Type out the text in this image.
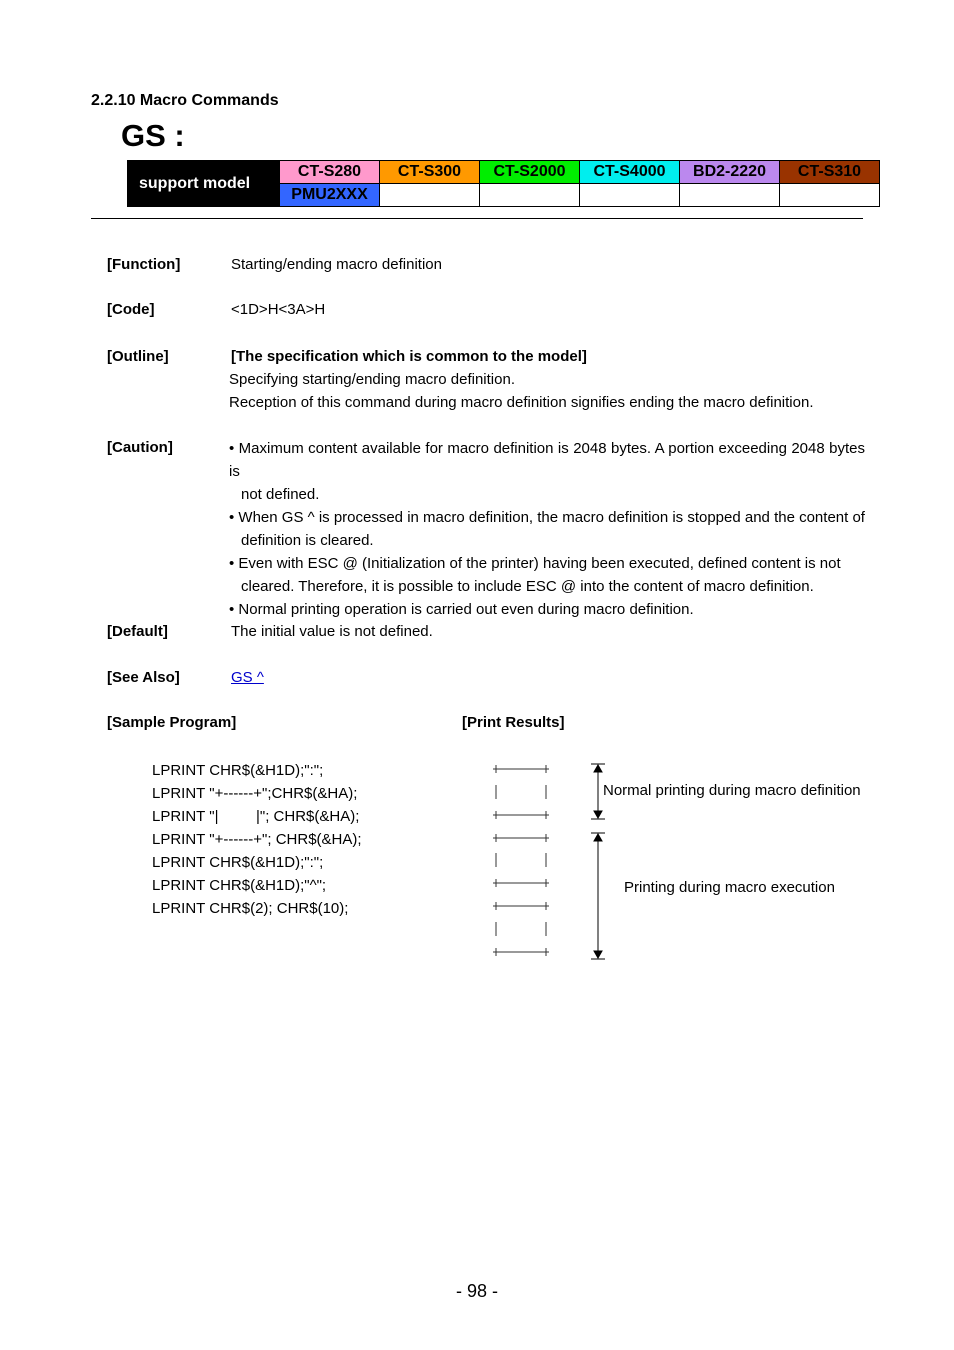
2.2.10 Macro Commands
GS :
support model		CT-S280	CT-S300	CT-S2000	CT-S4000	BD2-2220	CT-S310
		PMU2XXX					
[Function]	Starting/ending macro definition
[Code]	<1D>H<3A>H
[Outline]	[The specification which is common to the model]
Specifying starting/ending macro definition.
Reception of this command during macro definition signifies ending the macro definition.
[Caution]	• Maximum content available for macro definition is 2048 bytes. A portion exceeding 2048 bytes is
not defined.
• When GS ^ is processed in macro definition, the macro definition is stopped and the content of
definition is cleared.
• Even with ESC @ (Initialization of the printer) having been executed, defined content is not
cleared. Therefore, it is possible to include ESC @ into the content of macro definition.
• Normal printing operation is carried out even during macro definition.
[Default]	The initial value is not defined.
[See Also]	GS ^
[Sample Program]	[Print Results]
LPRINT CHR$(&H1D);":";
LPRINT "+------+";CHR$(&HA);
LPRINT "|         |"; CHR$(&HA);
LPRINT "+------+"; CHR$(&HA);
LPRINT CHR$(&H1D);":";
LPRINT CHR$(&H1D);"^";
LPRINT CHR$(2); CHR$(10);
Normal printing during macro definition
Printing during macro execution
- 98 -
